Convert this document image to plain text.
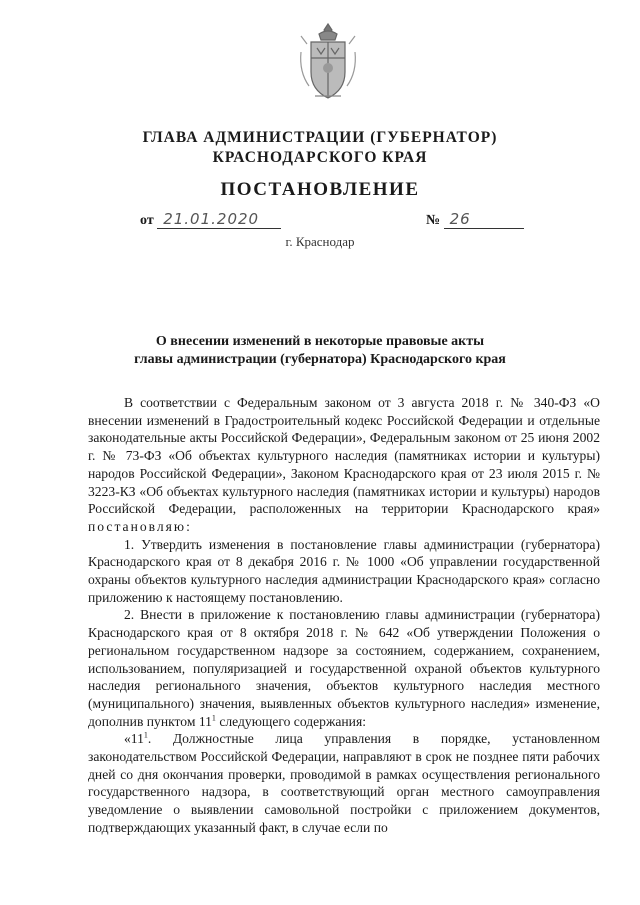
ГЛАВА АДМИНИСТРАЦИИ (ГУБЕРНАТОР)
КРАСНОДАРСКОГО КРАЯ
ПОСТАНОВЛЕНИЕ
от 21.01.2020	№ 26
г. Краснодар
О внесении изменений в некоторые правовые акты
главы администрации (губернатора) Краснодарского края

В соответствии с Федеральным законом от 3 августа 2018 г. № 340-ФЗ «О внесении изменений в Градостроительный кодекс Российской Федерации и отдельные законодательные акты Российской Федерации», Федеральным законом от 25 июня 2002 г. № 73-ФЗ «Об объектах культурного наследия (памятниках истории и культуры) народов Российской Федерации», Законом Краснодарского края от 23 июля 2015 г. № 3223-КЗ «Об объектах культурного наследия (памятниках истории и культуры) народов Российской Федерации, расположенных на территории Краснодарского края» постановляю:

1. Утвердить изменения в постановление главы администрации (губернатора) Краснодарского края от 8 декабря 2016 г. № 1000 «Об управлении государственной охраны объектов культурного наследия администрации Краснодарского края» согласно приложению к настоящему постановлению.

2. Внести в приложение к постановлению главы администрации (губернатора) Краснодарского края от 8 октября 2018 г. № 642 «Об утверждении Положения о региональном государственном надзоре за состоянием, содержанием, сохранением, использованием, популяризацией и государственной охраной объектов культурного наследия регионального значения, объектов культурного наследия местного (муниципального) значения, выявленных объектов культурного наследия» изменение, дополнив пунктом $11^1$ следующего содержания:

«$11^1$. Должностные лица управления в порядке, установленном законодательством Российской Федерации, направляют в срок не позднее пяти рабочих дней со дня окончания проверки, проводимой в рамках осуществления регионального государственного надзора, в соответствующий орган местного самоуправления уведомление о выявлении самовольной постройки с приложением документов, подтверждающих указанный факт, в случае если по
